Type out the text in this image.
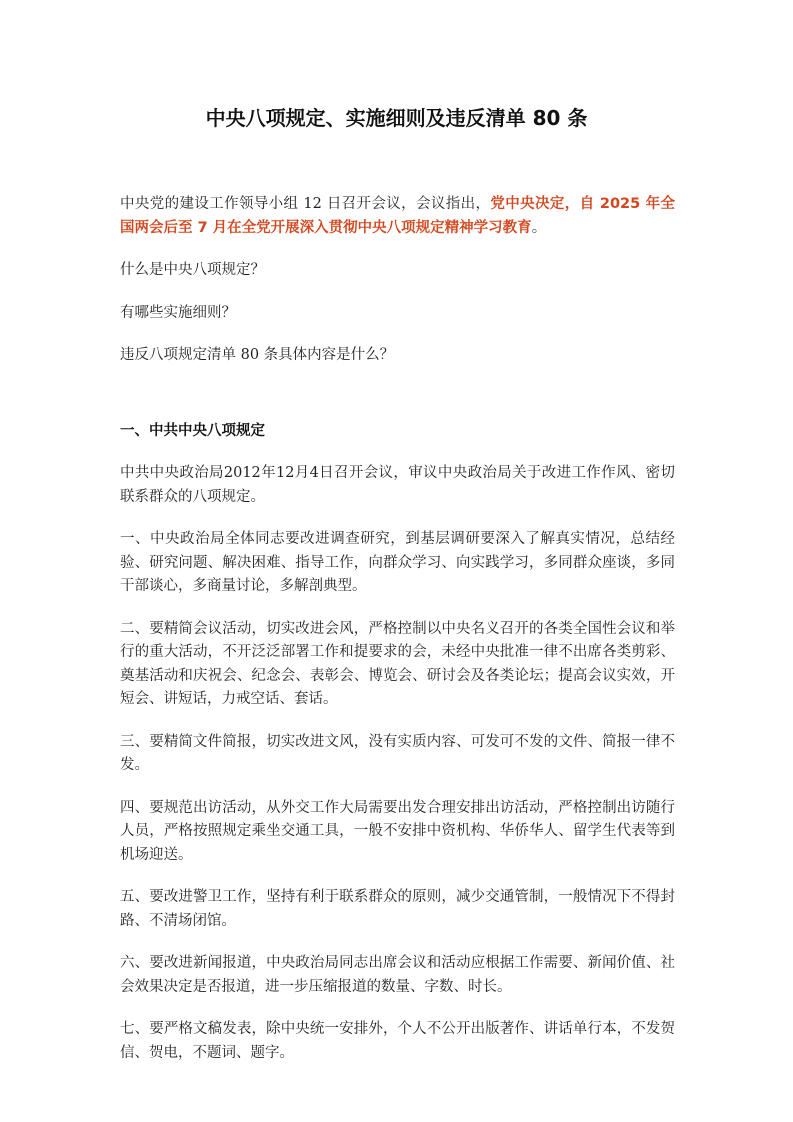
中央八项规定、实施细则及违反清单 80 条

中央党的建设工作领导小组 12 日召开会议，会议指出，党中央决定，自 2025 年全国两会后至 7 月在全党开展深入贯彻中央八项规定精神学习教育。

什么是中央八项规定？

有哪些实施细则？

违反八项规定清单 80 条具体内容是什么？

一、中共中央八项规定

中共中央政治局2012年12月4日召开会议，审议中央政治局关于改进工作作风、密切联系群众的八项规定。

一、中央政治局全体同志要改进调查研究，到基层调研要深入了解真实情况，总结经验、研究问题、解决困难、指导工作，向群众学习、向实践学习，多同群众座谈，多同干部谈心，多商量讨论，多解剖典型。

二、要精简会议活动，切实改进会风，严格控制以中央名义召开的各类全国性会议和举行的重大活动，不开泛泛部署工作和提要求的会，未经中央批准一律不出席各类剪彩、奠基活动和庆祝会、纪念会、表彰会、博览会、研讨会及各类论坛；提高会议实效，开短会、讲短话，力戒空话、套话。

三、要精简文件简报，切实改进文风，没有实质内容、可发可不发的文件、简报一律不发。

四、要规范出访活动，从外交工作大局需要出发合理安排出访活动，严格控制出访随行人员，严格按照规定乘坐交通工具，一般不安排中资机构、华侨华人、留学生代表等到机场迎送。

五、要改进警卫工作，坚持有利于联系群众的原则，减少交通管制，一般情况下不得封路、不清场闭馆。

六、要改进新闻报道，中央政治局同志出席会议和活动应根据工作需要、新闻价值、社会效果决定是否报道，进一步压缩报道的数量、字数、时长。

七、要严格文稿发表，除中央统一安排外，个人不公开出版著作、讲话单行本，不发贺信、贺电，不题词、题字。
